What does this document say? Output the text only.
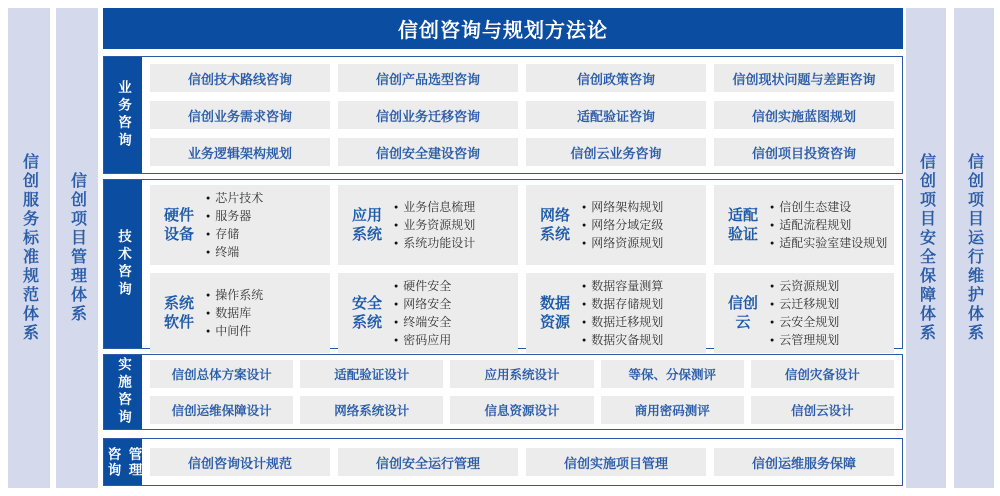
信创服务标准规范体系 信创项目管理体系
信创咨询与规划方法论
业务咨询
信创技术路线咨询	信创产品选型咨询	信创政策咨询	信创现状问题与差距咨询
信创业务需求咨询	信创业务迁移咨询	适配验证咨询	信创实施蓝图规划
业务逻辑架构规划	信创安全建设咨询	信创云业务咨询	信创项目投资咨询
技术咨询
硬件设备
● 芯片技术
● 服务器
● 存储
● 终端
应用系统
● 业务信息梳理
● 业务资源规划
● 系统功能设计
网络系统
● 网络架构规划
● 网络分域定级
● 网络资源规划
适配验证
● 信创生态建设
● 适配流程规划
● 适配实验室建设规划
系统软件
● 操作系统
● 数据库
● 中间件
安全系统
● 硬件安全
● 网络安全
● 终端安全
● 密码应用
数据资源
● 数据容量测算
● 数据存储规划
● 数据迁移规划
● 数据灾备规划
信创云
● 云资源规划
● 云迁移规划
● 云安全规划
● 云管理规划
实施咨询	信创总体方案设计	适配验证设计	应用系统设计	等保、分保测评	信创灾备设计
信创运维保障设计	网络系统设计	信息资源设计	商用密码测评	信创云设计
咨询 管理	信创咨询设计规范	信创安全运行管理	信创实施项目管理	信创运维服务保障
信创项目安全保障体系 信创项目运行维护体系
